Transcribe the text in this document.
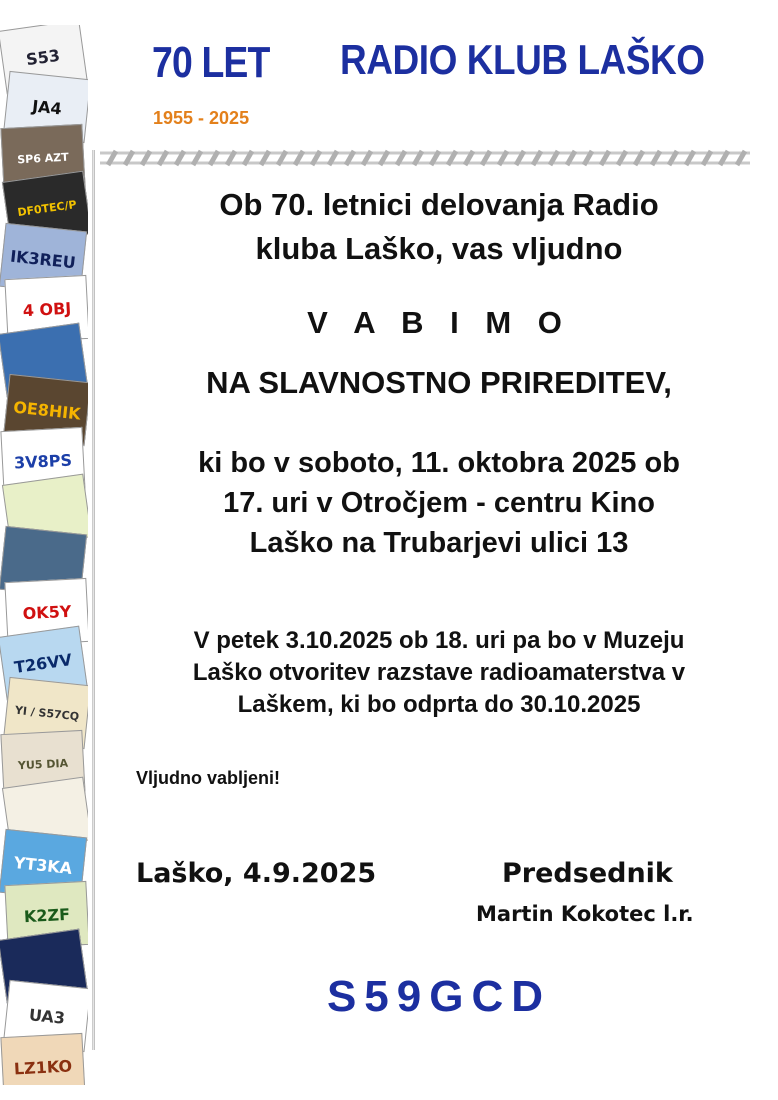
S53
JA4
SP6 AZT
DF0TEC/P
IK3REU
4 OBJ
OE8HIK
3V8PS
OK5Y
T26VV
YI / S57CQ
YU5 DIA
YT3KA
K2ZF
UA3
LZ1KO
70 LET RADIO KLUB LAŠKO
1955 - 2025
Ob 70. letnici delovanja Radio
kluba Laško, vas vljudno
V A B I M O
NA SLAVNOSTNO PRIREDITEV,
ki bo v soboto, 11. oktobra 2025 ob
17. uri v Otročjem - centru Kino
Laško na Trubarjevi ulici 13
V petek 3.10.2025 ob 18. uri pa bo v Muzeju
Laško otvoritev razstave radioamaterstva v
Laškem, ki bo odprta do 30.10.2025
Vljudno vabljeni!
Laško, 4.9.2025	Predsednik
Martin Kokotec l.r.
S59GCD
